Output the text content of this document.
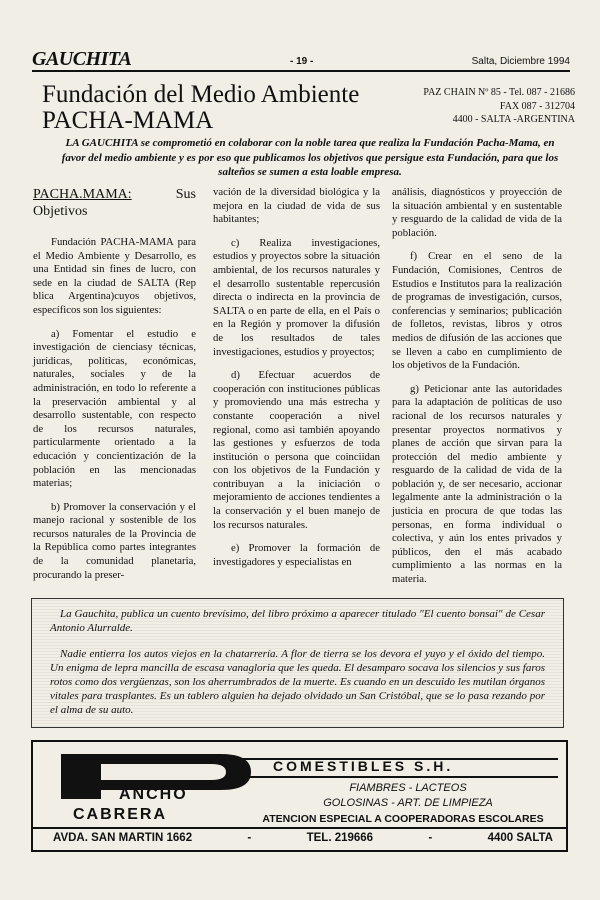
GAUCHITA	- 19 -	Salta, Diciembre 1994
Fundación del Medio Ambiente
PACHA-MAMA
PAZ CHAIN Nº 85 - Tel. 087 - 21686
FAX 087 - 312704
4400 - SALTA -ARGENTINA
LA GAUCHITA se comprometió en colaborar con la noble tarea que realiza la Fundación Pacha-Mama, en favor del medio ambiente y es por eso que publicamos los objetivos que persigue esta Fundación, para que los salteños se sumen a esta loable empresa.
PACHA.MAMA: Sus Objetivos

Fundación PACHA-MAMA para el Medio Ambiente y Desarrollo, es una Entidad sin fines de lucro, con sede en la ciudad de SALTA (Rep blica Argentina)cuyos objetivos, específicos son los siguientes:

a) Fomentar el estudio e investigación de cienciasy técnicas, jurídicas, políticas, económicas, naturales, sociales y de la administración, en todo lo referente a la preservación ambiental y al desarrollo sustentable, con respecto de los recursos naturales, particularmente orientado a la educación y concientización de la población en las mencionadas materias;

b) Promover la conservación y el manejo racional y sostenible de los recursos naturales de la Provincia de la República como partes integrantes de la comunidad planetaria, procurando la preser-

vación de la diversidad biológica y la mejora en la ciudad de vida de sus habitantes;

c) Realiza investigaciones, estudios y proyectos sobre la situación ambiental, de los recursos naturales y el desarrollo sustentable repercusión directa o indirecta en la provincia de SALTA o en parte de ella, en el País o en la Región y promover la difusión de los resultados de tales investigaciones, estudios y proyectos;

d) Efectuar acuerdos de cooperación con instituciones públicas y promoviendo una más estrecha y constante cooperación a nivel regional, como asi también apoyando las gestiones y esfuerzos de toda institución o persona que coinciidan con los objetivos de la Fundación y contribuyan a la iniciación o mejoramiento de acciones tendientes a la conservación y el buen manejo de los recursos naturales.

e) Promover la formación de investigadores y especialistas en

análisis, diagnósticos y proyección de la situación ambiental y en sustentable y resguardo de la calidad de vida de la población.

f) Crear en el seno de la Fundación, Comisiones, Centros de Estudios e Institutos para la realización de programas de investigación, cursos, conferencias y seminarios; publicación de folletos, revistas, libros y otros medios de difusión de las acciones que se lleven a cabo en cumplimiento de los objetivos de la Fundación.

g) Peticionar ante las autoridades para la adaptación de políticas de uso racional de los recursos naturales y presentar proyectos normativos y planes de acción que sirvan para la protección del medio ambiente y resguardo de la calidad de vida de la población y, de ser necesario, accionar legalmente ante la administración o la justicia en procura de que todas las personas, en forma individual o colectiva, y aún los entes privados y públicos, den el más acabado cumplimiento a las normas en la materia.

La Gauchita, publica un cuento brevísimo, del libro próximo a aparecer titulado "El cuento bonsai" de Cesar Antonio Alurralde.

Nadie entierra los autos viejos en la chatarrería. A flor de tierra se los devora el yuyo y el óxido del tiempo. Un enigma de lepra mancilla de escasa vanagloria que les queda. El desamparo socava los silencios y sus faros rotos como dos vergüenzas, son los aherrumbrados de la muerte. Es cuando en un descuido les mutilan órganos vitales para trasplantes. Es un tablero alguien ha dejado olvidado un San Cristóbal, que se lo pasa rezando por el alma de su auto.

ANCHO
CABRERA
COMESTIBLES S.H.
FIAMBRES - LACTEOS
GOLOSINAS - ART. DE LIMPIEZA
ATENCION ESPECIAL A COOPERADORAS ESCOLARES
AVDA. SAN MARTIN 1662	-	TEL. 219666	-	4400 SALTA
